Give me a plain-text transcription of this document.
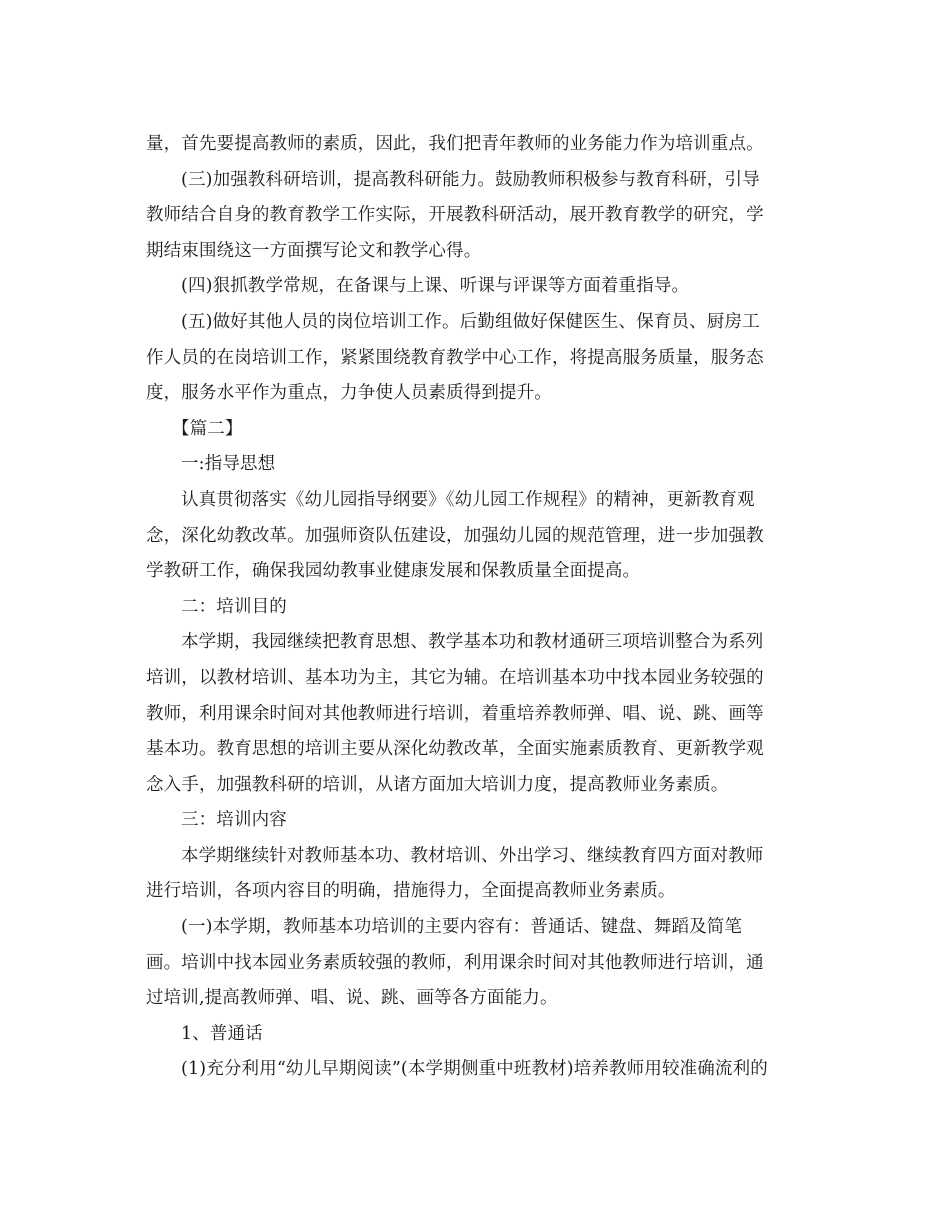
量，首先要提高教师的素质，因此，我们把青年教师的业务能力作为培训重点。
(三)加强教科研培训，提高教科研能力。鼓励教师积极参与教育科研，引导
教师结合自身的教育教学工作实际，开展教科研活动，展开教育教学的研究，学
期结束围绕这一方面撰写论文和教学心得。
(四)狠抓教学常规，在备课与上课、听课与评课等方面着重指导。
(五)做好其他人员的岗位培训工作。后勤组做好保健医生、保育员、厨房工
作人员的在岗培训工作，紧紧围绕教育教学中心工作，将提高服务质量，服务态
度，服务水平作为重点，力争使人员素质得到提升。
【篇二】
一:指导思想
认真贯彻落实《幼儿园指导纲要》《幼儿园工作规程》的精神，更新教育观
念，深化幼教改革。加强师资队伍建设，加强幼儿园的规范管理，进一步加强教
学教研工作，确保我园幼教事业健康发展和保教质量全面提高。
二：培训目的
本学期，我园继续把教育思想、教学基本功和教材通研三项培训整合为系列
培训，以教材培训、基本功为主，其它为辅。在培训基本功中找本园业务较强的
教师，利用课余时间对其他教师进行培训，着重培养教师弹、唱、说、跳、画等
基本功。教育思想的培训主要从深化幼教改革，全面实施素质教育、更新教学观
念入手，加强教科研的培训，从诸方面加大培训力度，提高教师业务素质。
三：培训内容
本学期继续针对教师基本功、教材培训、外出学习、继续教育四方面对教师
进行培训，各项内容目的明确，措施得力，全面提高教师业务素质。
(一)本学期，教师基本功培训的主要内容有：普通话、键盘、舞蹈及简笔
画。培训中找本园业务素质较强的教师，利用课余时间对其他教师进行培训，通
过培训,提高教师弹、唱、说、跳、画等各方面能力。
1、普通话
(1)充分利用“幼儿早期阅读”(本学期侧重中班教材)培养教师用较准确流利的
